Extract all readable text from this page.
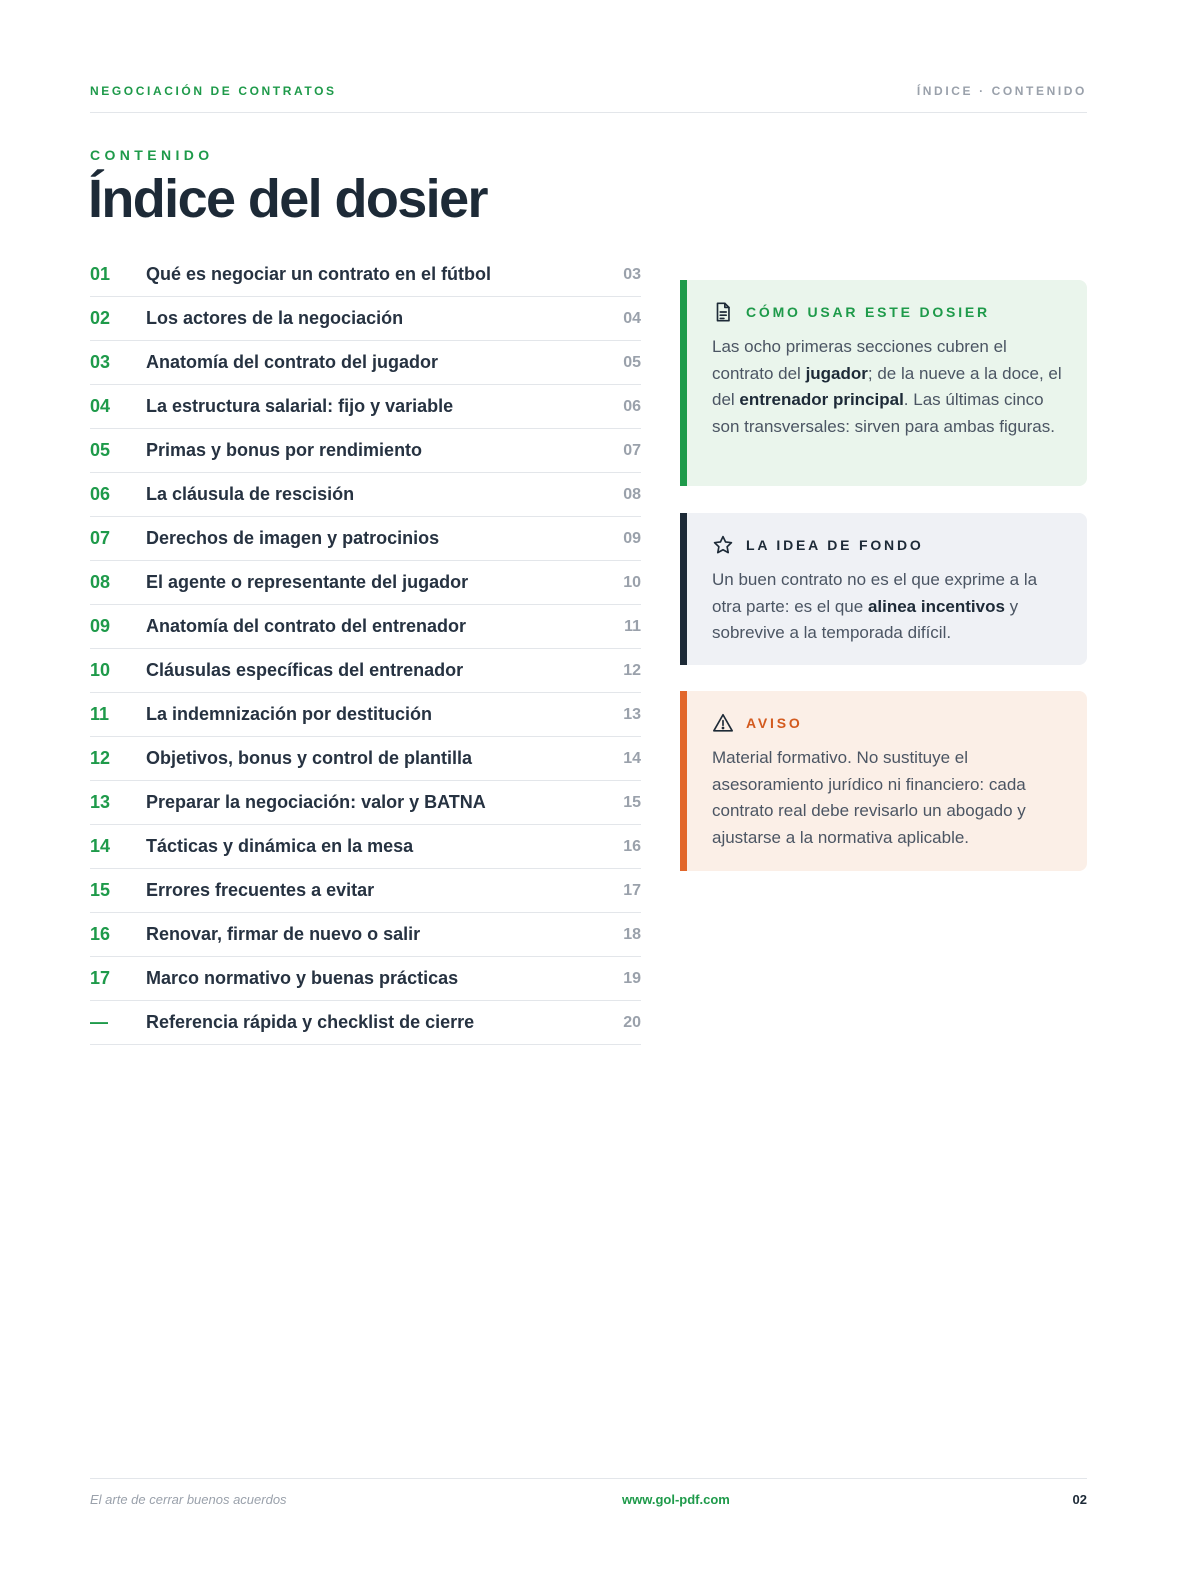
NEGOCIACIÓN DE CONTRATOS	ÍNDICE · CONTENIDO
CONTENIDO
Índice del dosier
01 Qué es negociar un contrato en el fútbol	03
02 Los actores de la negociación	04
03 Anatomía del contrato del jugador	05
04 La estructura salarial: fijo y variable	06
05 Primas y bonus por rendimiento	07
06 La cláusula de rescisión	08
07 Derechos de imagen y patrocinios	09
08 El agente o representante del jugador	10
09 Anatomía del contrato del entrenador	11
10 Cláusulas específicas del entrenador	12
11 La indemnización por destitución	13
12 Objetivos, bonus y control de plantilla	14
13 Preparar la negociación: valor y BATNA	15
14 Tácticas y dinámica en la mesa	16
15 Errores frecuentes a evitar	17
16 Renovar, firmar de nuevo o salir	18
17 Marco normativo y buenas prácticas	19
— Referencia rápida y checklist de cierre	20
CÓMO USAR ESTE DOSIER

Las ocho primeras secciones cubren el contrato del jugador; de la nueve a la doce, el del entrenador principal. Las últimas cinco son transversales: sirven para ambas figuras.

LA IDEA DE FONDO

Un buen contrato no es el que exprime a la otra parte: es el que alinea incentivos y sobrevive a la temporada difícil.

AVISO

Material formativo. No sustituye el asesoramiento jurídico ni financiero: cada contrato real debe revisarlo un abogado y ajustarse a la normativa aplicable.

El arte de cerrar buenos acuerdos	www.gol-pdf.com	02
